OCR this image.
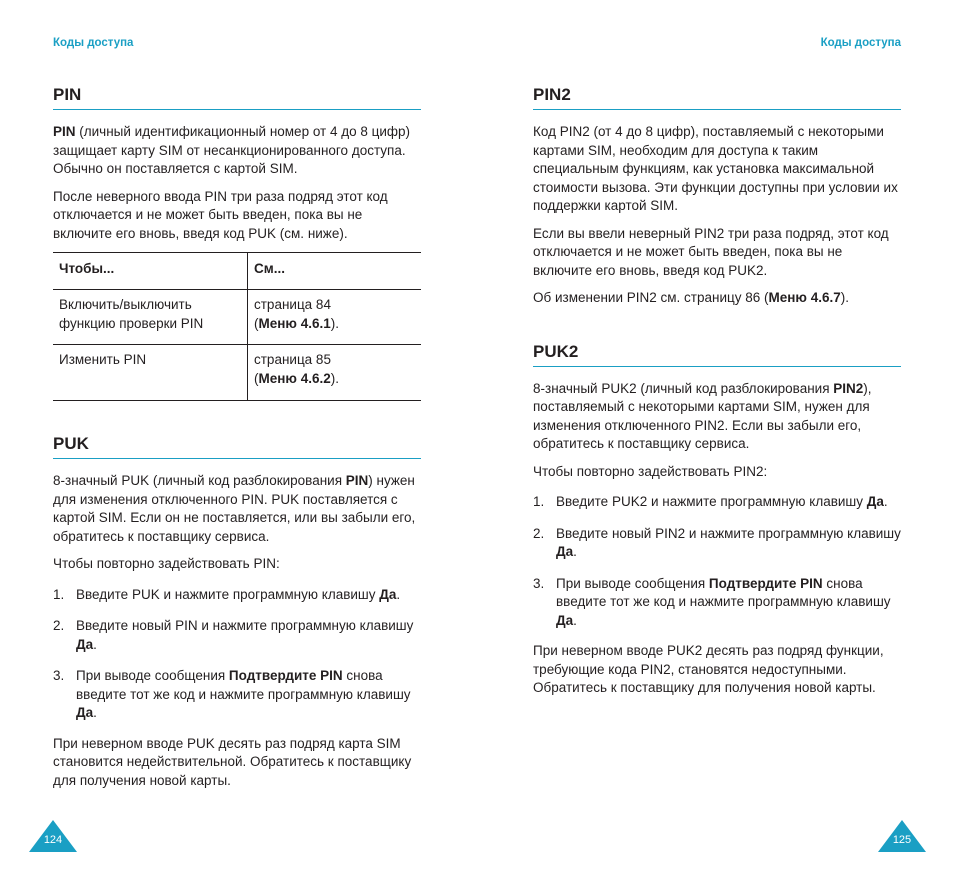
Коды доступа
PIN

PIN (личный идентификационный номер от 4 до 8 цифр) защищает карту SIM от несанкционированного доступа. Обычно он поставляется с картой SIM.

После неверного ввода PIN три раза подряд этот код отключается и не может быть введен, пока вы не включите его вновь, введя код PUK (см. ниже).

Чтобы...	См...
Включить/выключить функцию проверки PIN	страница 84
(Меню 4.6.1).
Изменить PIN	страница 85
(Меню 4.6.2).
PUK

8-значный PUK (личный код разблокирования PIN) нужен для изменения отключенного PIN. PUK поставляется с картой SIM. Если он не поставляется, или вы забыли его, обратитесь к поставщику сервиса.

Чтобы повторно задействовать PIN:

1. Введите PUK и нажмите программную клавишу Да.
2. Введите новый PIN и нажмите программную клавишу Да.
3. При выводе сообщения Подтвердите PIN снова введите тот же код и нажмите программную клавишу Да.

При неверном вводе PUK десять раз подряд карта SIM становится недействительной. Обратитесь к поставщику для получения новой карты.

124
Коды доступа
PIN2

Код PIN2 (от 4 до 8 цифр), поставляемый с некоторыми картами SIM, необходим для доступа к таким специальным функциям, как установка максимальной стоимости вызова. Эти функции доступны при условии их поддержки картой SIM.

Если вы ввели неверный PIN2 три раза подряд, этот код отключается и не может быть введен, пока вы не включите его вновь, введя код PUK2.

Об изменении PIN2 см. страницу 86 (Меню 4.6.7).

PUK2

8-значный PUK2 (личный код разблокирования PIN2), поставляемый с некоторыми картами SIM, нужен для изменения отключенного PIN2. Если вы забыли его, обратитесь к поставщику сервиса.

Чтобы повторно задействовать PIN2:

1. Введите PUK2 и нажмите программную клавишу Да.
2. Введите новый PIN2 и нажмите программную клавишу Да.
3. При выводе сообщения Подтвердите PIN снова введите тот же код и нажмите программную клавишу Да.

При неверном вводе PUK2 десять раз подряд функции, требующие кода PIN2, становятся недоступными. Обратитесь к поставщику для получения новой карты.

125
